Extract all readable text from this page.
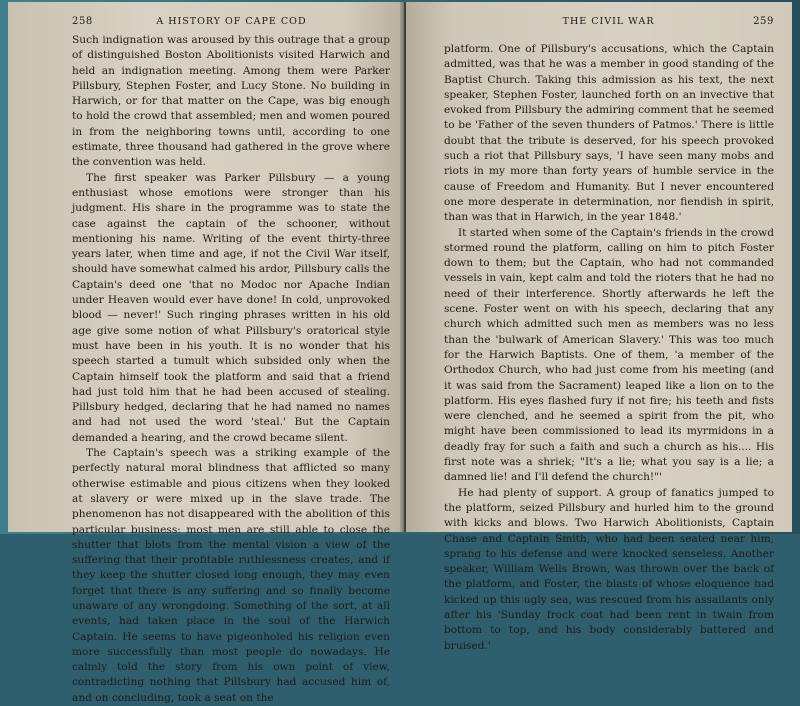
258	A HISTORY OF CAPE COD

Such indignation was aroused by this outrage that a group of distinguished Boston Abolitionists visited Harwich and held an indignation meeting. Among them were Parker Pillsbury, Stephen Foster, and Lucy Stone. No building in Harwich, or for that matter on the Cape, was big enough to hold the crowd that assembled; men and women poured in from the neighboring towns until, according to one estimate, three thousand had gathered in the grove where the convention was held.

The first speaker was Parker Pillsbury — a young enthusiast whose emotions were stronger than his judgment. His share in the programme was to state the case against the captain of the schooner, without mentioning his name. Writing of the event thirty-three years later, when time and age, if not the Civil War itself, should have somewhat calmed his ardor, Pillsbury calls the Captain's deed one 'that no Modoc nor Apache Indian under Heaven would ever have done! In cold, unprovoked blood — never!' Such ringing phrases written in his old age give some notion of what Pillsbury's oratorical style must have been in his youth. It is no wonder that his speech started a tumult which subsided only when the Captain himself took the platform and said that a friend had just told him that he had been accused of stealing. Pillsbury hedged, declaring that he had named no names and had not used the word 'steal.' But the Captain demanded a hearing, and the crowd became silent.

The Captain's speech was a striking example of the perfectly natural moral blindness that afflicted so many otherwise estimable and pious citizens when they looked at slavery or were mixed up in the slave trade. The phenomenon has not disappeared with the abolition of this particular business: most men are still able to close the shutter that blots from the mental vision a view of the suffering that their profitable ruthlessness creates, and if they keep the shutter closed long enough, they may even forget that there is any suffering and so finally become unaware of any wrongdoing. Something of the sort, at all events, had taken place in the soul of the Harwich Captain. He seems to have pigeonholed his religion even more successfully than most people do nowadays. He calmly told the story from his own point of view, contradicting nothing that Pillsbury had accused him of, and on concluding, took a seat on the

THE CIVIL WAR	259

platform. One of Pillsbury's accusations, which the Captain admitted, was that he was a member in good standing of the Baptist Church. Taking this admission as his text, the next speaker, Stephen Foster, launched forth on an invective that evoked from Pillsbury the admiring comment that he seemed to be 'Father of the seven thunders of Patmos.' There is little doubt that the tribute is deserved, for his speech provoked such a riot that Pillsbury says, 'I have seen many mobs and riots in my more than forty years of humble service in the cause of Freedom and Humanity. But I never encountered one more desperate in determination, nor fiendish in spirit, than was that in Harwich, in the year 1848.'

It started when some of the Captain's friends in the crowd stormed round the platform, calling on him to pitch Foster down to them; but the Captain, who had not commanded vessels in vain, kept calm and told the rioters that he had no need of their interference. Shortly afterwards he left the scene. Foster went on with his speech, declaring that any church which admitted such men as members was no less than the 'bulwark of American Slavery.' This was too much for the Harwich Baptists. One of them, 'a member of the Orthodox Church, who had just come from his meeting (and it was said from the Sacrament) leaped like a lion on to the platform. His eyes flashed fury if not fire; his teeth and fists were clenched, and he seemed a spirit from the pit, who might have been commissioned to lead its myrmidons in a deadly fray for such a faith and such a church as his.... His first note was a shriek; "It's a lie; what you say is a lie; a damned lie! and I'll defend the church!"'

He had plenty of support. A group of fanatics jumped to the platform, seized Pillsbury and hurled him to the ground with kicks and blows. Two Harwich Abolitionists, Captain Chase and Captain Smith, who had been seated near him, sprang to his defense and were knocked senseless. Another speaker, William Wells Brown, was thrown over the back of the platform, and Foster, the blasts of whose eloquence had kicked up this ugly sea, was rescued from his assailants only after his 'Sunday frock coat had been rent in twain from bottom to top, and his body considerably battered and bruised.'
